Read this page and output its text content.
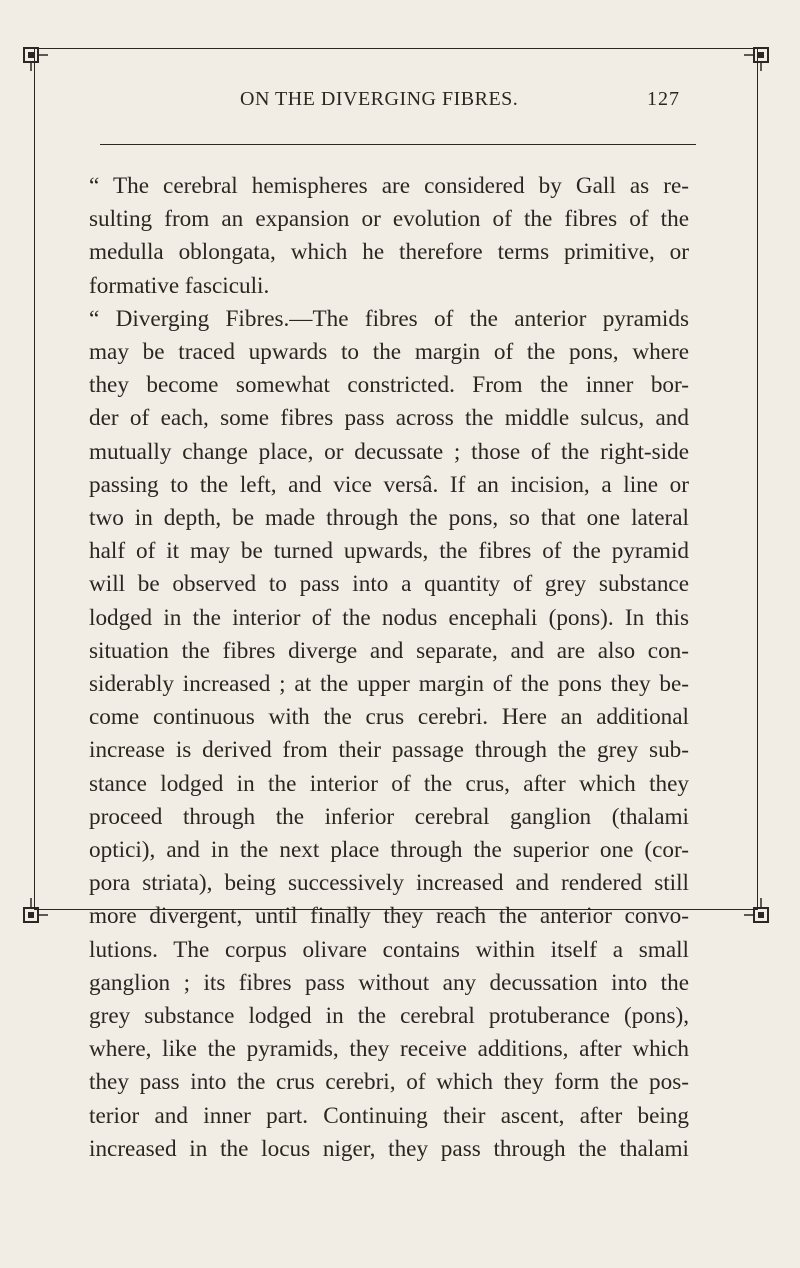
ON THE DIVERGING FIBRES.	127
“ The cerebral hemispheres are considered by Gall as re-
sulting from an expansion or evolution of the fibres of the
medulla oblongata, which he therefore terms primitive, or
formative fasciculi.
“ Diverging Fibres.—The fibres of the anterior pyramids
may be traced upwards to the margin of the pons, where
they become somewhat constricted. From the inner bor-
der of each, some fibres pass across the middle sulcus, and
mutually change place, or decussate ; those of the right-side
passing to the left, and vice versâ. If an incision, a line or
two in depth, be made through the pons, so that one lateral
half of it may be turned upwards, the fibres of the pyramid
will be observed to pass into a quantity of grey substance
lodged in the interior of the nodus encephali (pons). In this
situation the fibres diverge and separate, and are also con-
siderably increased ; at the upper margin of the pons they be-
come continuous with the crus cerebri. Here an additional
increase is derived from their passage through the grey sub-
stance lodged in the interior of the crus, after which they
proceed through the inferior cerebral ganglion (thalami
optici), and in the next place through the superior one (cor-
pora striata), being successively increased and rendered still
more divergent, until finally they reach the anterior convo-
lutions. The corpus olivare contains within itself a small
ganglion ; its fibres pass without any decussation into the
grey substance lodged in the cerebral protuberance (pons),
where, like the pyramids, they receive additions, after which
they pass into the crus cerebri, of which they form the pos-
terior and inner part. Continuing their ascent, after being
increased in the locus niger, they pass through the thalami
